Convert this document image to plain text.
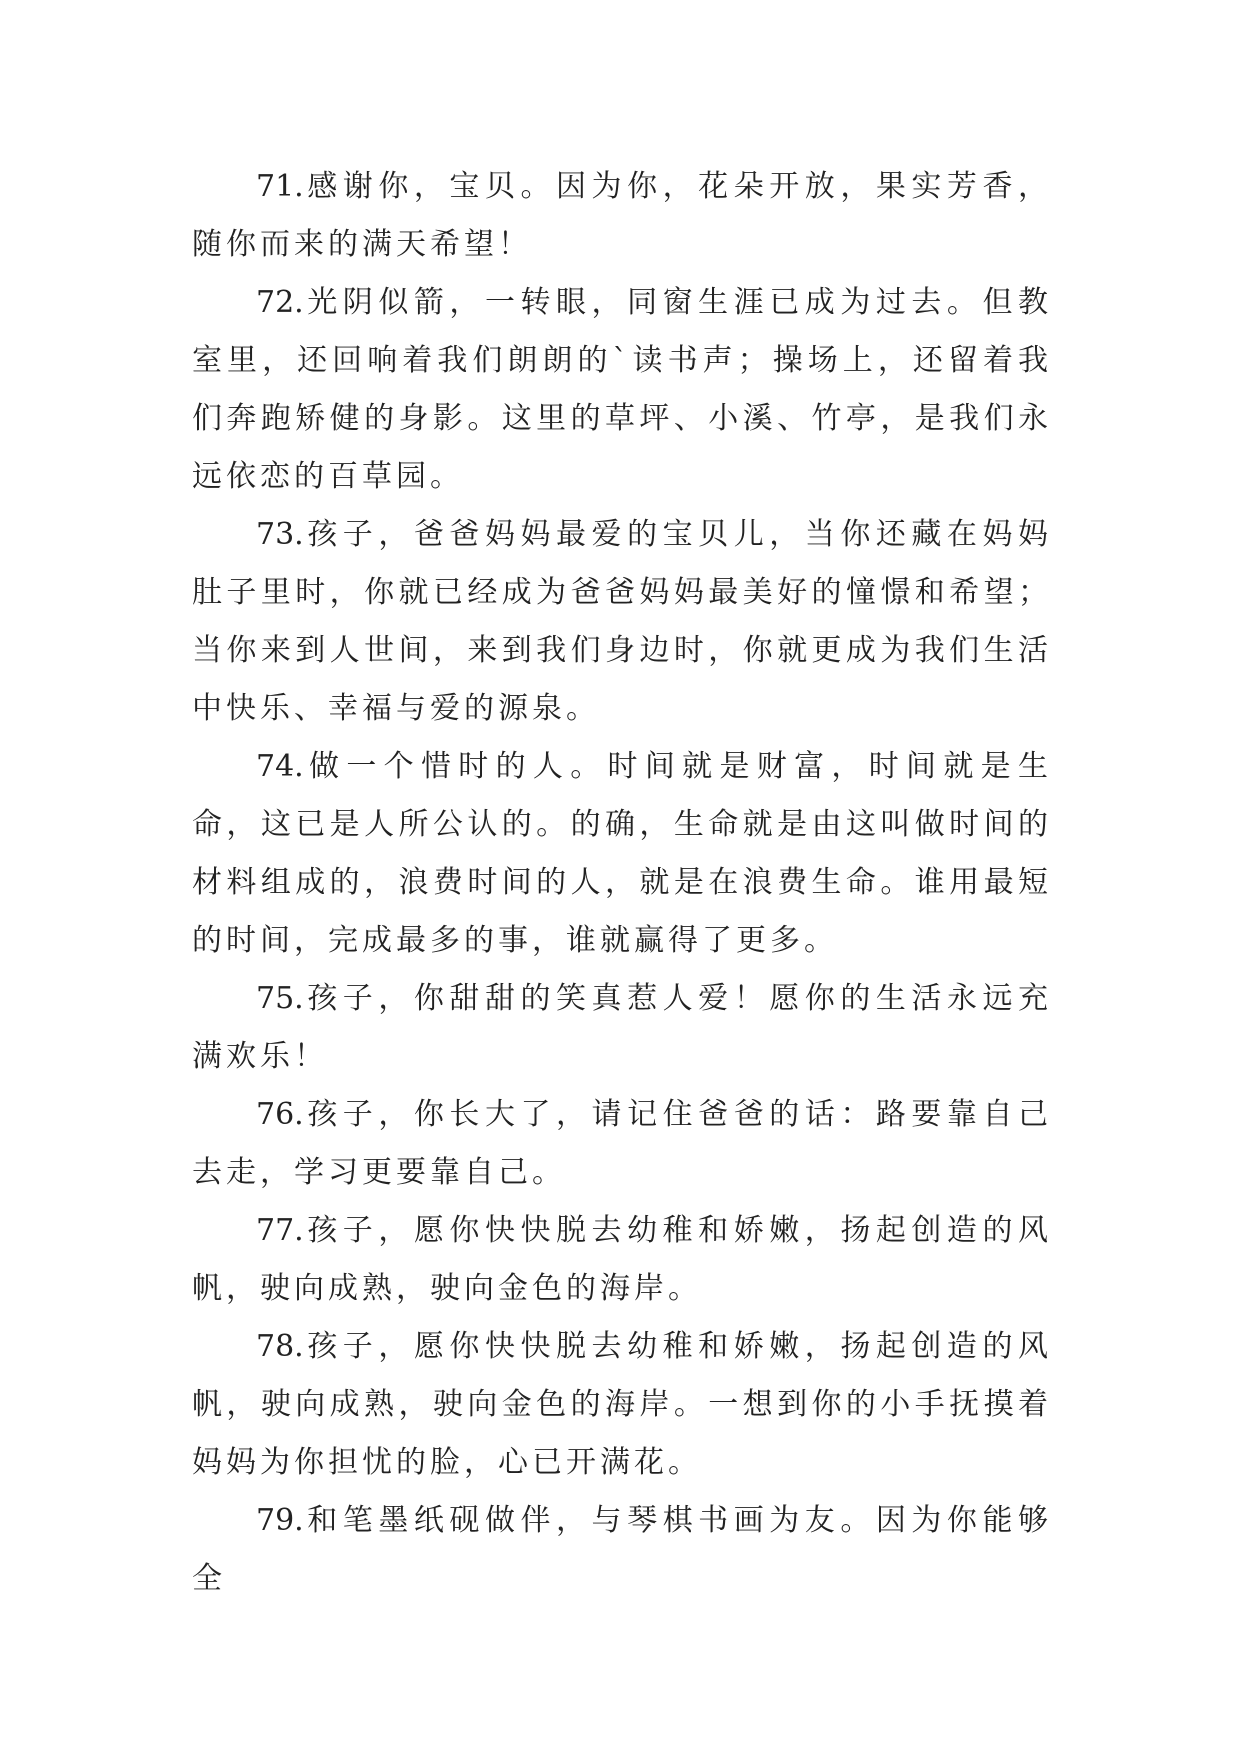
71.感谢你，宝贝。因为你，花朵开放，果实芳香，随你而来的满天希望！

72.光阴似箭，一转眼，同窗生涯已成为过去。但教室里，还回响着我们朗朗的`读书声；操场上，还留着我们奔跑矫健的身影。这里的草坪、小溪、竹亭，是我们永远依恋的百草园。

73.孩子，爸爸妈妈最爱的宝贝儿，当你还藏在妈妈肚子里时，你就已经成为爸爸妈妈最美好的憧憬和希望；当你来到人世间，来到我们身边时，你就更成为我们生活中快乐、幸福与爱的源泉。

74.做一个惜时的人。时间就是财富，时间就是生命，这已是人所公认的。的确，生命就是由这叫做时间的材料组成的，浪费时间的人，就是在浪费生命。谁用最短的时间，完成最多的事，谁就赢得了更多。

75.孩子，你甜甜的笑真惹人爱！愿你的生活永远充满欢乐！

76.孩子，你长大了，请记住爸爸的话：路要靠自己去走，学习更要靠自己。

77.孩子，愿你快快脱去幼稚和娇嫩，扬起创造的风帆，驶向成熟，驶向金色的海岸。

78.孩子，愿你快快脱去幼稚和娇嫩，扬起创造的风帆，驶向成熟，驶向金色的海岸。一想到你的小手抚摸着妈妈为你担忧的脸，心已开满花。

79.和笔墨纸砚做伴，与琴棋书画为友。因为你能够全
